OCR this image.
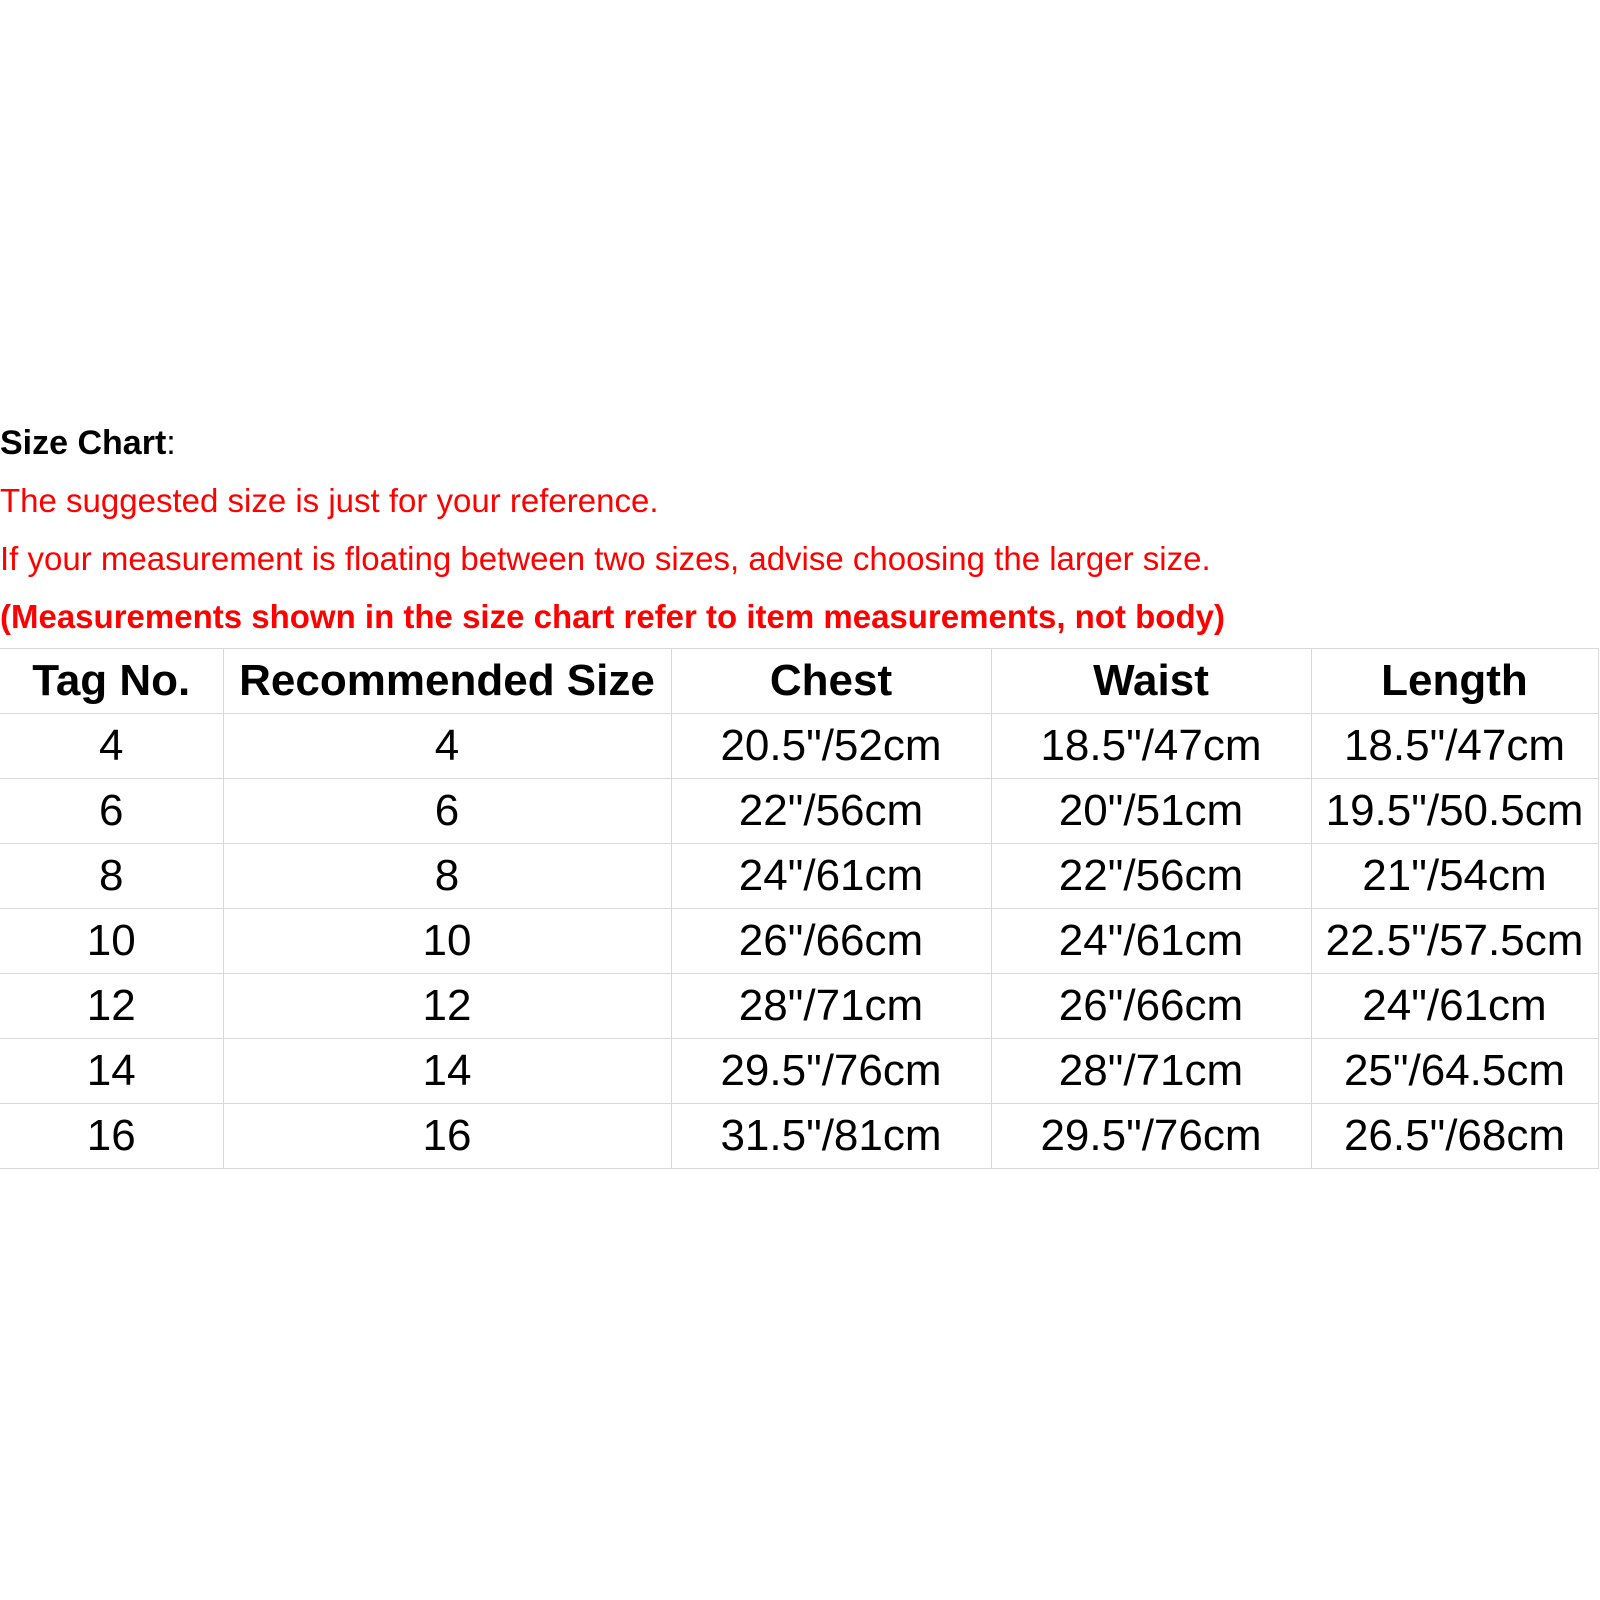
Size Chart:
The suggested size is just for your reference.
If your measurement is floating between two sizes, advise choosing the larger size.
(Measurements shown in the size chart refer to item measurements, not body)
Tag No.	Recommended Size	Chest	Waist	Length
4	4	20.5"/52cm	18.5"/47cm	18.5"/47cm
6	6	22"/56cm	20"/51cm	19.5"/50.5cm
8	8	24"/61cm	22"/56cm	21"/54cm
10	10	26"/66cm	24"/61cm	22.5"/57.5cm
12	12	28"/71cm	26"/66cm	24"/61cm
14	14	29.5"/76cm	28"/71cm	25"/64.5cm
16	16	31.5"/81cm	29.5"/76cm	26.5"/68cm
